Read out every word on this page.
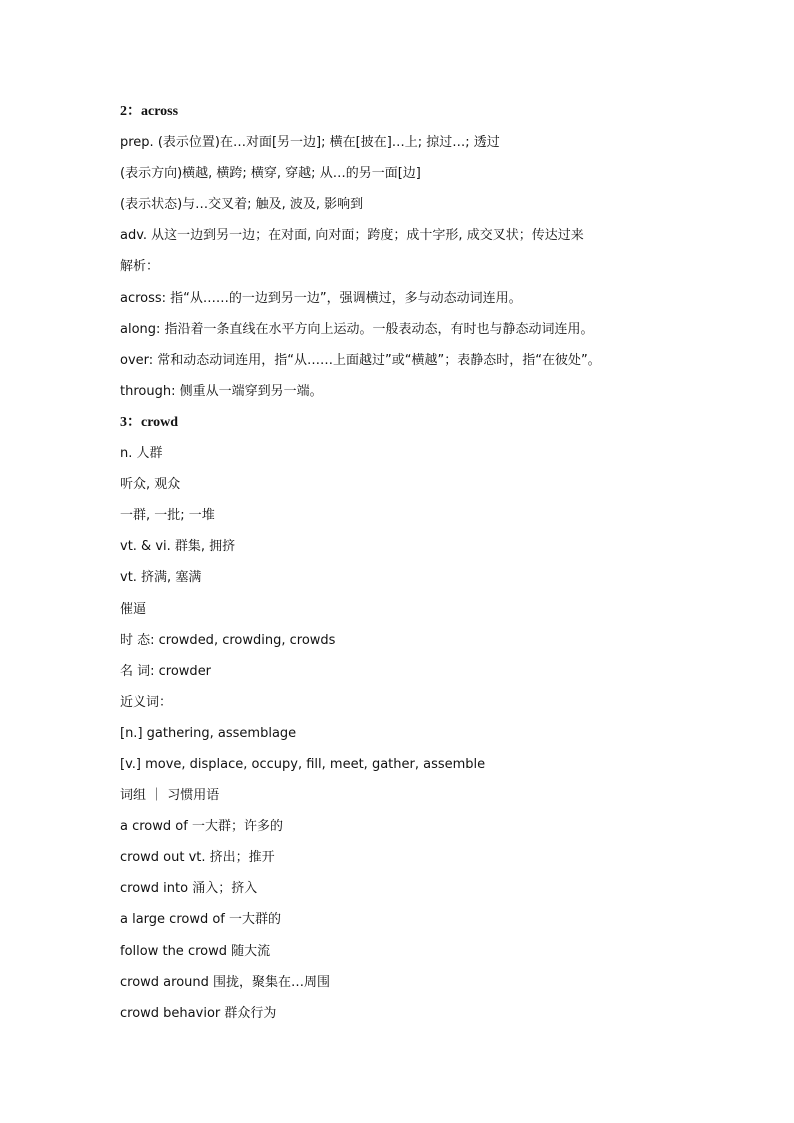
2：across
prep. (表示位置)在…对面[另一边]; 横在[披在]…上; 掠过…; 透过
(表示方向)横越, 横跨; 横穿, 穿越; 从…的另一面[边]
(表示状态)与…交叉着; 触及, 波及, 影响到
adv. 从这一边到另一边；在对面, 向对面；跨度；成十字形, 成交叉状；传达过来
解析：
across: 指“从……的一边到另一边”，强调横过，多与动态动词连用。
along: 指沿着一条直线在水平方向上运动。一般表动态，有时也与静态动词连用。
over: 常和动态动词连用，指“从……上面越过”或“横越”；表静态时，指“在彼处”。
through: 侧重从一端穿到另一端。
3：crowd
n. 人群
听众, 观众
一群, 一批; 一堆
vt. & vi. 群集, 拥挤
vt. 挤满, 塞满
催逼
时 态: crowded, crowding, crowds
名 词: crowder
近义词：
[n.] gathering, assemblage
[v.] move, displace, occupy, fill, meet, gather, assemble
词组 ｜ 习惯用语
a crowd of 一大群；许多的
crowd out vt. 挤出；推开
crowd into 涌入；挤入
a large crowd of 一大群的
follow the crowd 随大流
crowd around 围拢，聚集在…周围
crowd behavior 群众行为
